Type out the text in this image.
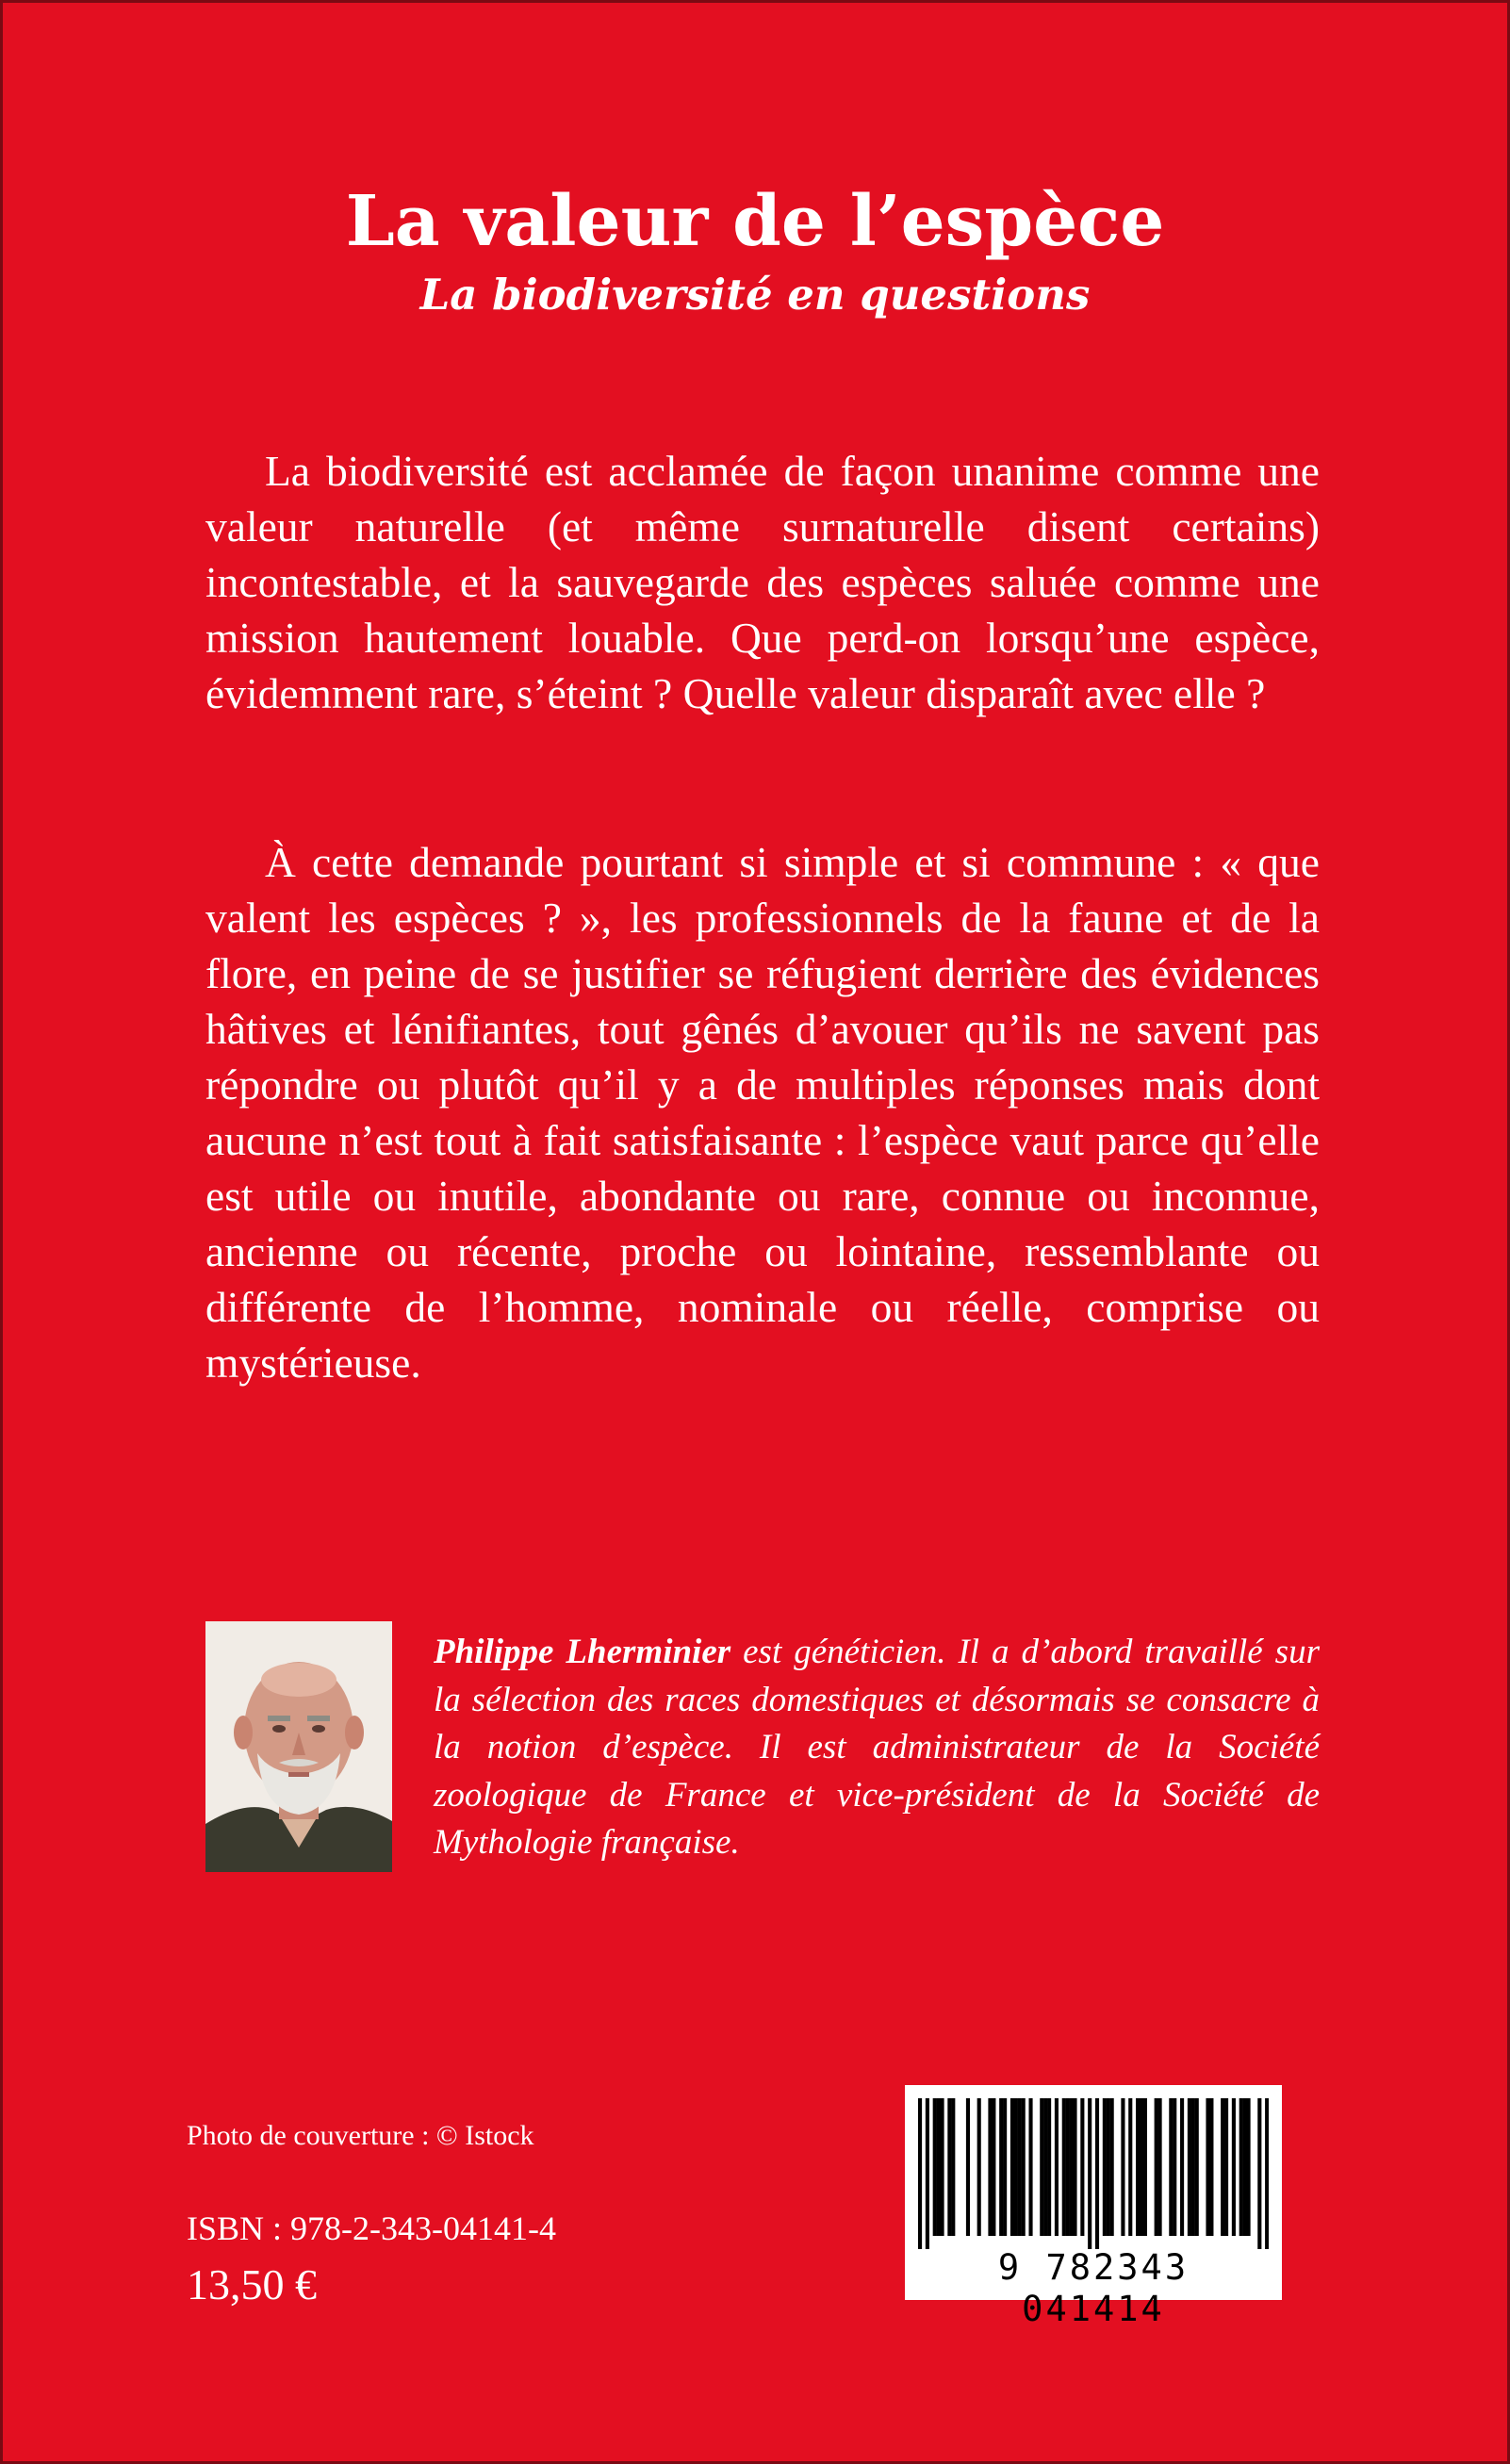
La valeur de l’espèce
La biodiversité en questions

La biodiversité est acclamée de façon unanime comme une valeur naturelle (et même surnaturelle disent certains) incontestable, et la sauvegarde des espèces saluée comme une mission hautement louable. Que perd-on lorsqu’une espèce, évidemment rare, s’éteint ? Quelle valeur disparaît avec elle ?

À cette demande pourtant si simple et si commune : « que valent les espèces ? », les professionnels de la faune et de la flore, en peine de se justifier se réfugient derrière des évidences hâtives et lénifiantes, tout gênés d’avouer qu’ils ne savent pas répondre ou plutôt qu’il y a de multiples réponses mais dont aucune n’est tout à fait satisfaisante : l’espèce vaut parce qu’elle est utile ou inutile, abondante ou rare, connue ou inconnue, ancienne ou récente, proche ou lointaine, ressemblante ou différente de l’homme, nominale ou réelle, comprise ou mystérieuse.

Philippe Lherminier est généticien. Il a d’abord travaillé sur la sélection des races domestiques et désormais se consacre à la notion d’espèce. Il est administrateur de la Société zoologique de France et vice-président de la Société de Mythologie française.

Photo de couverture : © Istock

ISBN : 978-2-343-04141-4

13,50 €	9 782343 041414
